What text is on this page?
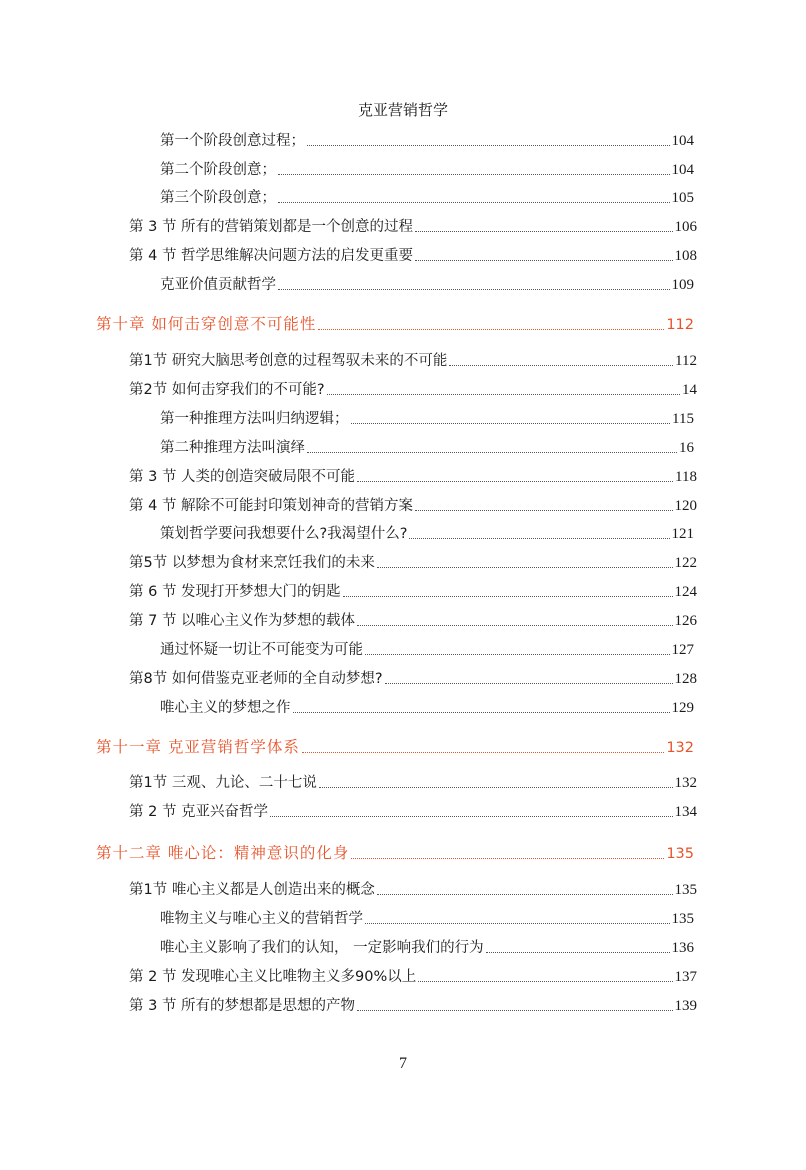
克亚营销哲学
第一个阶段创意过程；	104
第二个阶段创意；	104
第三个阶段创意；	105
第 3 节 所有的营销策划都是一个创意的过程	106
第 4 节 哲学思维解决问题方法的启发更重要	108
克亚价值贡献哲学	109
第十章 如何击穿创意不可能性	112
第1节 研究大脑思考创意的过程驾驭未来的不可能	112
第2节 如何击穿我们的不可能?	14
第一种推理方法叫归纳逻辑；	115
第二种推理方法叫演绎	16
第 3 节 人类的创造突破局限不可能	118
第 4 节 解除不可能封印策划神奇的营销方案	120
策划哲学要问我想要什么?我渴望什么?	121
第5节 以梦想为食材来烹饪我们的未来	122
第 6 节 发现打开梦想大门的钥匙	124
第 7 节 以唯心主义作为梦想的载体	126
通过怀疑一切让不可能变为可能	127
第8节 如何借鉴克亚老师的全自动梦想?	128
唯心主义的梦想之作	129
第十一章 克亚营销哲学体系	132
第1节 三观、九论、二十七说	132
第 2 节 克亚兴奋哲学	134
第十二章 唯心论：精神意识的化身	135
第1节 唯心主义都是人创造出来的概念	135
唯物主义与唯心主义的营销哲学	135
唯心主义影响了我们的认知， 一定影响我们的行为	136
第 2 节 发现唯心主义比唯物主义多90%以上	137
第 3 节 所有的梦想都是思想的产物	139
7
